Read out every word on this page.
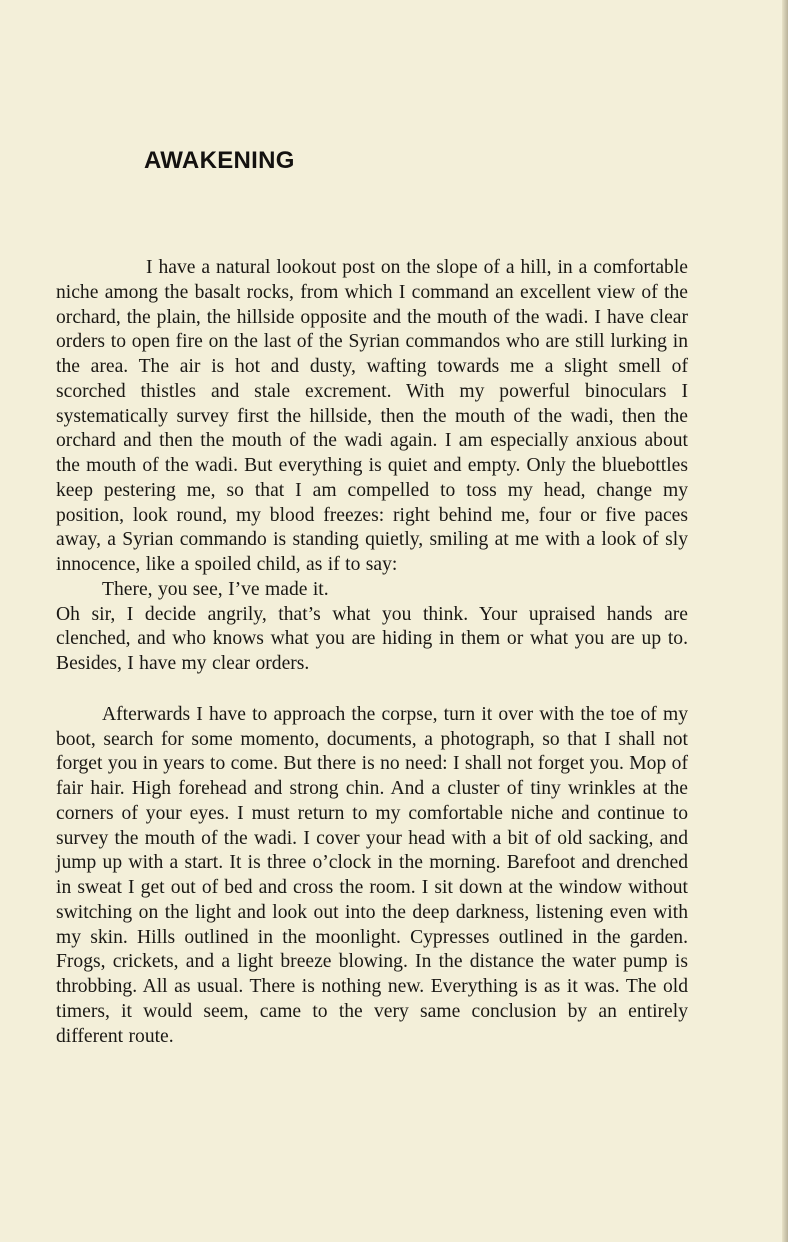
AWAKENING

I have a natural lookout post on the slope of a hill, in a comfortable niche among the basalt rocks, from which I command an excellent view of the orchard, the plain, the hillside opposite and the mouth of the wadi. I have clear orders to open fire on the last of the Syrian commandos who are still lurking in the area. The air is hot and dusty, wafting towards me a slight smell of scorched thistles and stale excrement. With my powerful binoculars I systematically survey first the hillside, then the mouth of the wadi, then the orchard and then the mouth of the wadi again. I am especially anxious about the mouth of the wadi. But everything is quiet and empty. Only the bluebottles keep pestering me, so that I am compelled to toss my head, change my position, look round, my blood freezes: right behind me, four or five paces away, a Syrian commando is standing quietly, smiling at me with a look of sly innocence, like a spoiled child, as if to say:

There, you see, I’ve made it.

Oh sir, I decide angrily, that’s what you think. Your upraised hands are clenched, and who knows what you are hiding in them or what you are up to. Besides, I have my clear orders.

Afterwards I have to approach the corpse, turn it over with the toe of my boot, search for some momento, documents, a photograph, so that I shall not forget you in years to come. But there is no need: I shall not forget you. Mop of fair hair. High forehead and strong chin. And a cluster of tiny wrinkles at the corners of your eyes. I must return to my comfortable niche and continue to survey the mouth of the wadi. I cover your head with a bit of old sacking, and jump up with a start. It is three o’clock in the morning. Barefoot and drenched in sweat I get out of bed and cross the room. I sit down at the window without switching on the light and look out into the deep darkness, listening even with my skin. Hills outlined in the moonlight. Cypresses outlined in the garden. Frogs, crickets, and a light breeze blowing. In the distance the water pump is throbbing. All as usual. There is nothing new. Everything is as it was. The old timers, it would seem, came to the very same conclusion by an entirely different route.
